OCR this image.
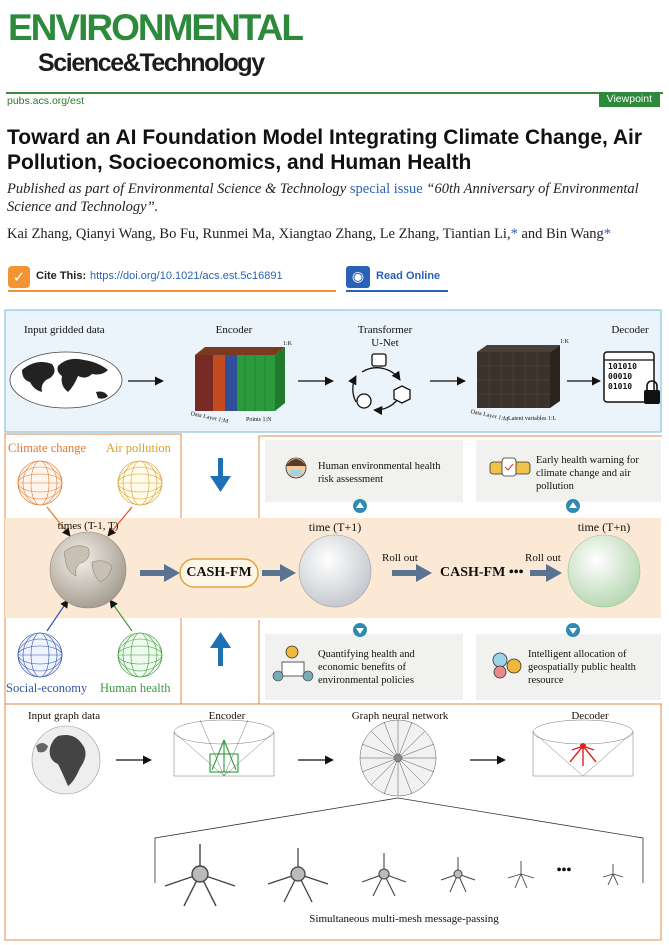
ENVIRONMENTAL
Science&Technology
pubs.acs.org/est	Viewpoint
Toward an AI Foundation Model Integrating Climate Change, Air Pollution, Socioeconomics, and Human Health
Published as part of Environmental Science & Technology special issue “60th Anniversary of Environmental Science and Technology”.
Kai Zhang, Qianyi Wang, Bo Fu, Runmei Ma, Xiangtao Zhang, Le Zhang, Tiantian Li,* and Bin Wang*
✓ Cite This: https://doi.org/10.1021/acs.est.5c16891	◉	Read Online
Input gridded data	Encoder	Transformer
U-Net
Decoder
1:K
Data Layer 1:M	Points 1:N
1:K
Data Layer 1:M Latent variables 1:L
101010
00010
01010
Climate change Air pollution
Social-economy Human health
times (T-1, T)
CASH-FM
time (T+1)	time (T+n)
Roll out	Roll out
CASH-FM •••
Human environmental health risk assessment
Early health warning for climate change and air pollution
Quantifying health and economic benefits of environmental policies
Intelligent allocation of geospatially public health resource
Input graph data	Encoder	Graph neural network	Decoder
•••
Simultaneous multi-mesh message-passing
